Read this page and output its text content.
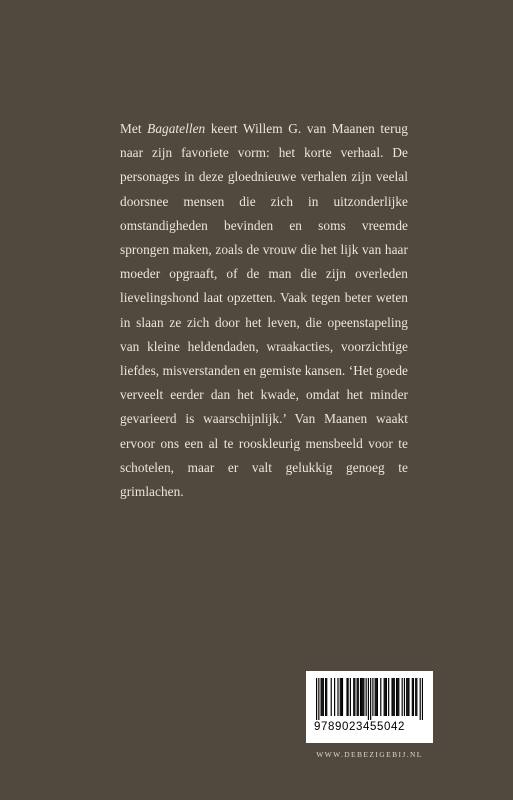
Met Bagatellen keert Willem G. van Maanen terug naar zijn favoriete vorm: het korte verhaal. De personages in deze gloednieuwe verhalen zijn veelal doorsnee mensen die zich in uitzonderlijke omstandigheden bevinden en soms vreemde sprongen maken, zoals de vrouw die het lijk van haar moeder opgraaft, of de man die zijn overleden lievelingshond laat opzetten. Vaak tegen beter weten in slaan ze zich door het leven, die opeenstapeling van kleine heldendaden, wraakacties, voorzichtige liefdes, misverstanden en gemiste kansen. ‘Het goede verveelt eerder dan het kwade, omdat het minder gevarieerd is waarschijnlijk.’ Van Maanen waakt ervoor ons een al te rooskleurig mensbeeld voor te schotelen, maar er valt gelukkig genoeg te grimlachen.

9789023455042
WWW.DEBEZIGEBIJ.NL
